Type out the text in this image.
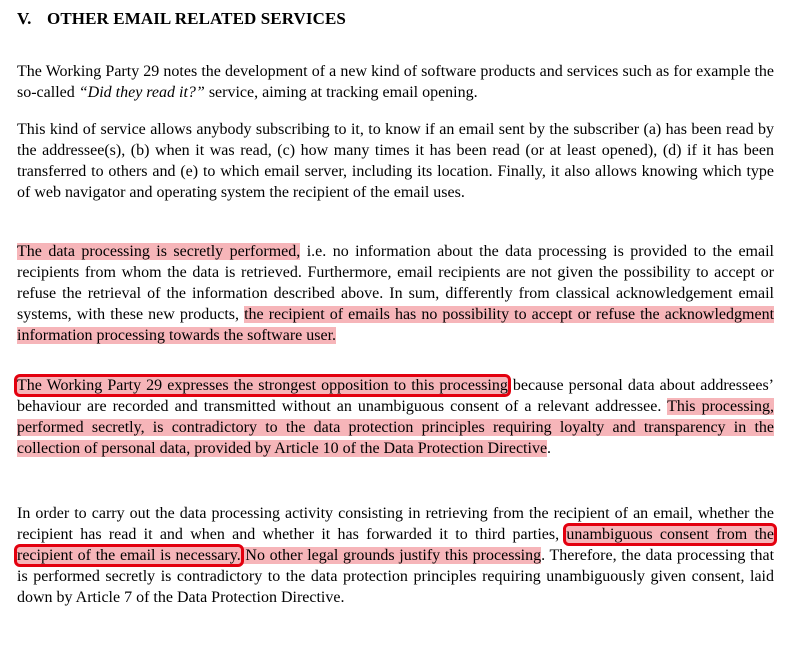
V. OTHER EMAIL RELATED SERVICES

The Working Party 29 notes the development of a new kind of software products and services such as for example the so-called “Did they read it?” service, aiming at tracking email opening.

This kind of service allows anybody subscribing to it, to know if an email sent by the subscriber (a) has been read by the addressee(s), (b) when it was read, (c) how many times it has been read (or at least opened), (d) if it has been transferred to others and (e) to which email server, including its location. Finally, it also allows knowing which type of web navigator and operating system the recipient of the email uses.

The data processing is secretly performed, i.e. no information about the data processing is provided to the email recipients from whom the data is retrieved. Furthermore, email recipients are not given the possibility to accept or refuse the retrieval of the information described above. In sum, differently from classical acknowledgement email systems, with these new products, the recipient of emails has no possibility to accept or refuse the acknowledgment information processing towards the software user.

The Working Party 29 expresses the strongest opposition to this processing because personal data about addressees’ behaviour are recorded and transmitted without an unambiguous consent of a relevant addressee. This processing, performed secretly, is contradictory to the data protection principles requiring loyalty and transparency in the collection of personal data, provided by Article 10 of the Data Protection Directive.

In order to carry out the data processing activity consisting in retrieving from the recipient of an email, whether the recipient has read it and when and whether it has forwarded it to third parties, unambiguous consent from the recipient of the email is necessary. No other legal grounds justify this processing. Therefore, the data processing that is performed secretly is contradictory to the data protection principles requiring unambiguously given consent, laid down by Article 7 of the Data Protection Directive.
